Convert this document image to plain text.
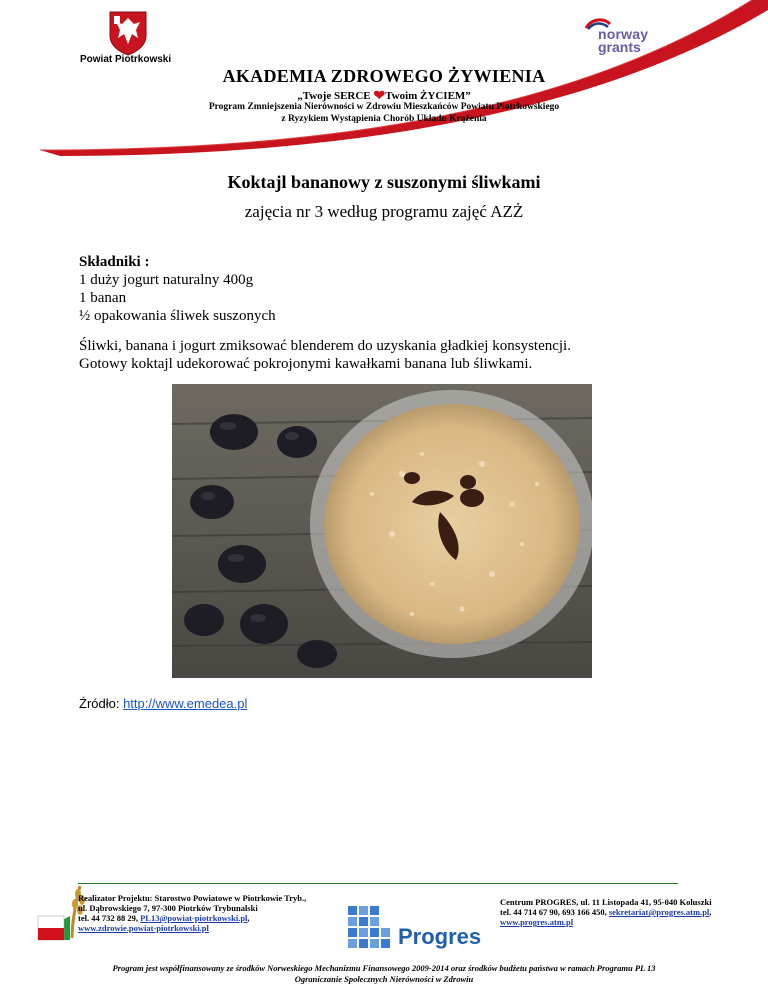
Powiat Piotrkowski
norway
grants
AKADEMIA ZDROWEGO ŻYWIENIA
„Twoje SERCE ❤Twoim ŻYCIEM”
Program Zmniejszenia Nierówności w Zdrowiu Mieszkańców Powiatu Piotrkowskiego
z Ryzykiem Wystąpienia Chorób Układu Krążenia
Koktajl bananowy z suszonymi śliwkami
zajęcia nr 3 według programu zajęć AZŻ
Składniki :
1 duży jogurt naturalny 400g
1 banan
½ opakowania śliwek suszonych
Śliwki, banana i jogurt zmiksować blenderem do uzyskania gładkiej konsystencji.
Gotowy koktajl udekorować pokrojonymi kawałkami banana lub śliwkami.
Źródło: http://www.emedea.pl
Realizator Projektu: Starostwo Powiatowe w Piotrkowie Tryb.,
ul. Dąbrowskiego 7, 97-300 Piotrków Trybunalski
tel. 44 732 88 29, PL13@powiat-piotrkowski.pl,
www.zdrowie.powiat-piotrkowski.pl	Progres
Centrum PROGRES, ul. 11 Listopada 41, 95-040 Koluszki
tel. 44 714 67 90, 693 166 450, sekretariat@progres.atm.pl,
www.progres.atm.pl
Program jest współfinansowany ze środków Norweskiego Mechanizmu Finansowego 2009-2014 oraz środków budżetu państwa w ramach Programu PL 13
Ograniczanie Społecznych Nierówności w Zdrowiu
